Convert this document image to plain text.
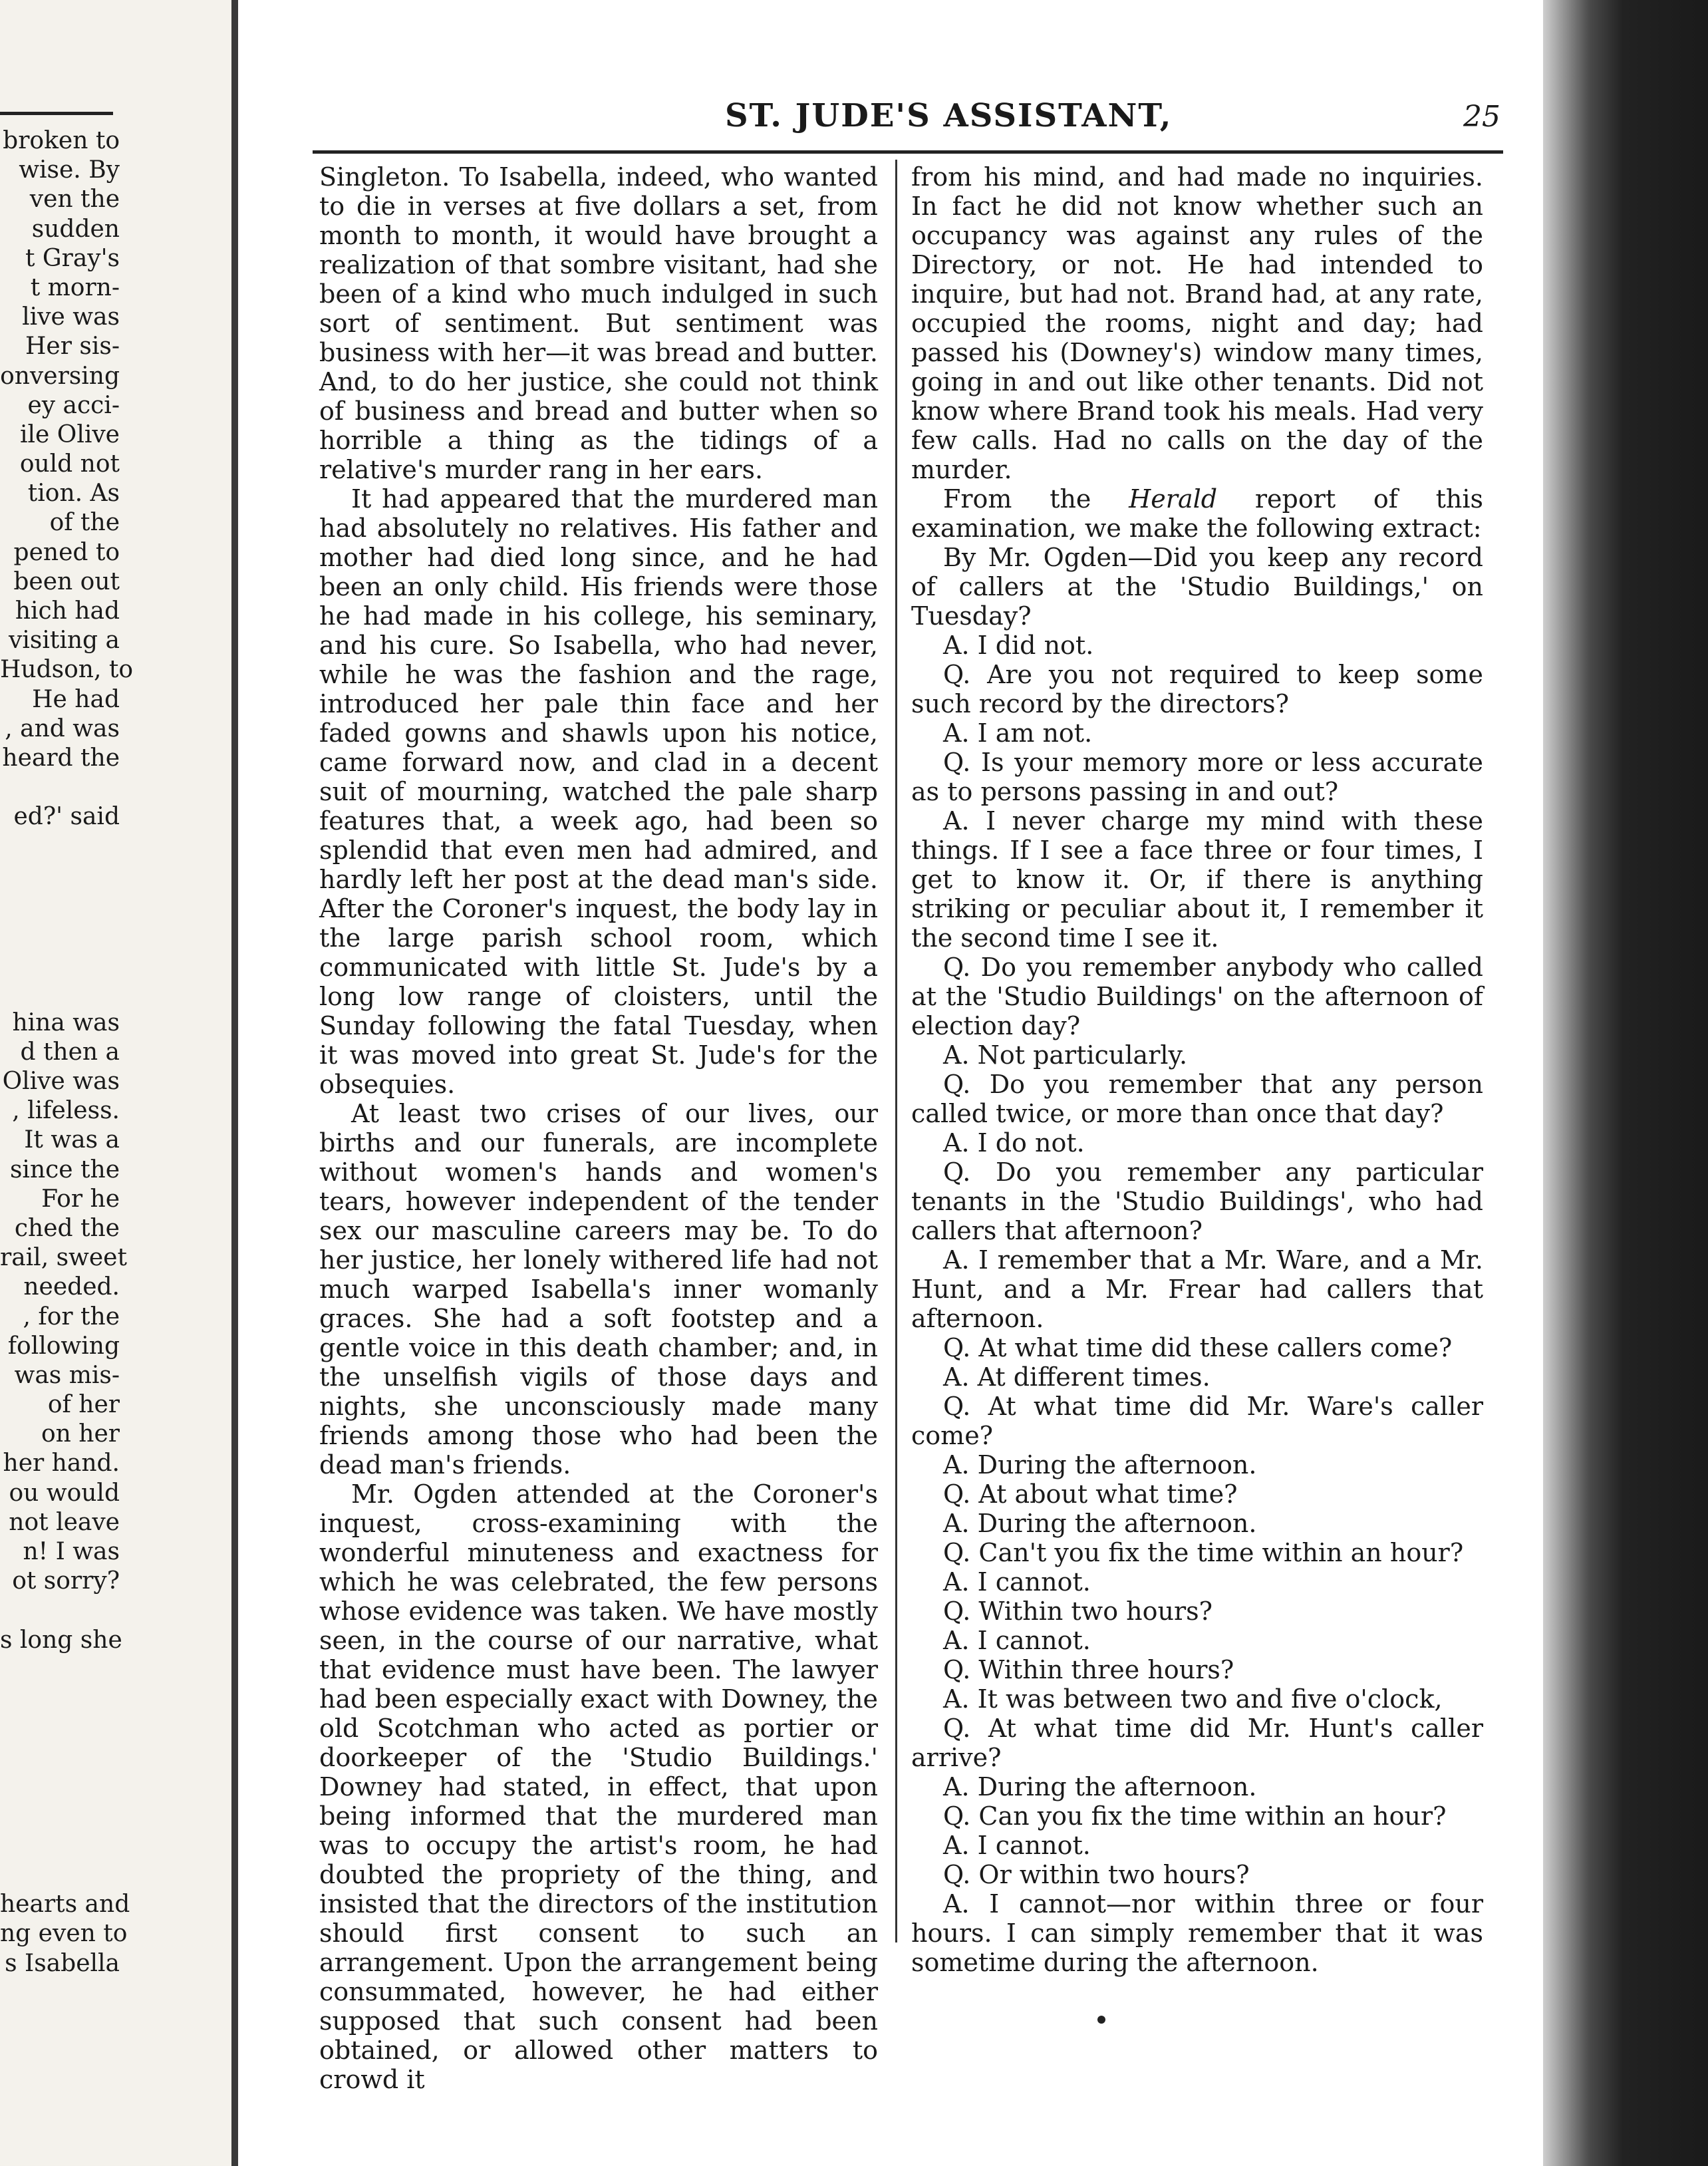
broken to
wise. By
ven the
sudden
t Gray's
t morn-
live was
Her sis-
onversing
ey acci-
ile Olive
ould not
tion. As
of the
pened to
been out
hich had
visiting a
Hudson, to
He had
, and was
heard the
ed?' said
hina was
d then a
Olive was
, lifeless.
It was a
since the
For he
ched the
rail, sweet
needed.
, for the
following
was mis-
of her
on her
her hand.
ou would
not leave
n! I was
ot sorry?
s long she
hearts and
ng even to
s Isabella
ST. JUDE'S ASSISTANT,	25

Singleton. To Isabella, indeed, who wanted to die in verses at five dollars a set, from month to month, it would have brought a realization of that sombre visitant, had she been of a kind who much indulged in such sort of sentiment. But sentiment was business with her—it was bread and butter. And, to do her justice, she could not think of business and bread and butter when so horrible a thing as the tidings of a relative's murder rang in her ears.

It had appeared that the murdered man had absolutely no relatives. His father and mother had died long since, and he had been an only child. His friends were those he had made in his college, his seminary, and his cure. So Isabella, who had never, while he was the fashion and the rage, introduced her pale thin face and her faded gowns and shawls upon his notice, came forward now, and clad in a decent suit of mourning, watched the pale sharp features that, a week ago, had been so splendid that even men had admired, and hardly left her post at the dead man's side. After the Coroner's inquest, the body lay in the large parish school room, which communicated with little St. Jude's by a long low range of cloisters, until the Sunday following the fatal Tuesday, when it was moved into great St. Jude's for the obsequies.

At least two crises of our lives, our births and our funerals, are incomplete without women's hands and women's tears, however independent of the tender sex our masculine careers may be. To do her justice, her lonely withered life had not much warped Isabella's inner womanly graces. She had a soft footstep and a gentle voice in this death chamber; and, in the unselfish vigils of those days and nights, she unconsciously made many friends among those who had been the dead man's friends.

Mr. Ogden attended at the Coroner's inquest, cross-examining with the wonderful minuteness and exactness for which he was celebrated, the few persons whose evidence was taken. We have mostly seen, in the course of our narrative, what that evidence must have been. The lawyer had been especially exact with Downey, the old Scotchman who acted as portier or doorkeeper of the 'Studio Buildings.' Downey had stated, in effect, that upon being informed that the murdered man was to occupy the artist's room, he had doubted the propriety of the thing, and insisted that the directors of the institution should first consent to such an arrangement. Upon the arrangement being consummated, however, he had either supposed that such consent had been obtained, or allowed other matters to crowd it

from his mind, and had made no inquiries. In fact he did not know whether such an occupancy was against any rules of the Directory, or not. He had intended to inquire, but had not. Brand had, at any rate, occupied the rooms, night and day; had passed his (Downey's) window many times, going in and out like other tenants. Did not know where Brand took his meals. Had very few calls. Had no calls on the day of the murder.

From the Herald report of this examination, we make the following extract:

By Mr. Ogden—Did you keep any record of callers at the 'Studio Buildings,' on Tuesday?

A. I did not.

Q. Are you not required to keep some such record by the directors?

A. I am not.

Q. Is your memory more or less accurate as to persons passing in and out?

A. I never charge my mind with these things. If I see a face three or four times, I get to know it. Or, if there is anything striking or peculiar about it, I remember it the second time I see it.

Q. Do you remember anybody who called at the 'Studio Buildings' on the afternoon of election day?

A. Not particularly.

Q. Do you remember that any person called twice, or more than once that day?

A. I do not.

Q. Do you remember any particular tenants in the 'Studio Buildings', who had callers that afternoon?

A. I remember that a Mr. Ware, and a Mr. Hunt, and a Mr. Frear had callers that afternoon.

Q. At what time did these callers come?

A. At different times.

Q. At what time did Mr. Ware's caller come?

A. During the afternoon.

Q. At about what time?

A. During the afternoon.

Q. Can't you fix the time within an hour?

A. I cannot.

Q. Within two hours?

A. I cannot.

Q. Within three hours?

A. It was between two and five o'clock,

Q. At what time did Mr. Hunt's caller arrive?

A. During the afternoon.

Q. Can you fix the time within an hour?

A. I cannot.

Q. Or within two hours?

A. I cannot—nor within three or four hours. I can simply remember that it was sometime during the afternoon.
